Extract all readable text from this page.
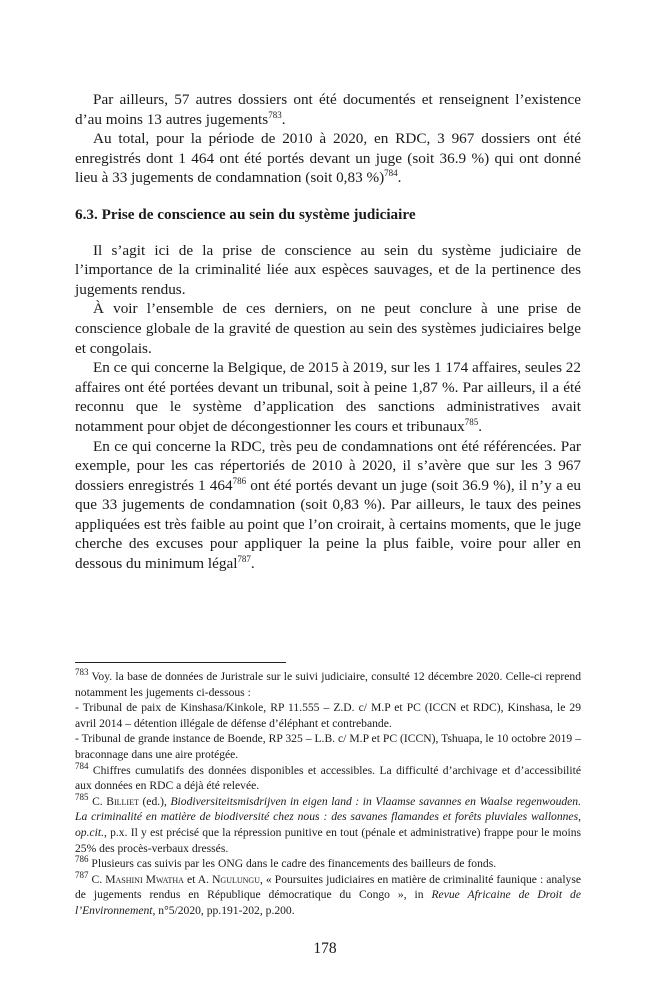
Par ailleurs, 57 autres dossiers ont été documentés et renseignent l’existence d’au moins 13 autres jugements$^{783}$.

Au total, pour la période de 2010 à 2020, en RDC, 3 967 dossiers ont été enregistrés dont 1 464 ont été portés devant un juge (soit 36.9 %) qui ont donné lieu à 33 jugements de condamnation (soit 0,83 %)$^{784}$.

6.3. Prise de conscience au sein du système judiciaire

Il s’agit ici de la prise de conscience au sein du système judiciaire de l’importance de la criminalité liée aux espèces sauvages, et de la pertinence des jugements rendus.

À voir l’ensemble de ces derniers, on ne peut conclure à une prise de conscience globale de la gravité de question au sein des systèmes judiciaires belge et congolais.

En ce qui concerne la Belgique, de 2015 à 2019, sur les 1 174 affaires, seules 22 affaires ont été portées devant un tribunal, soit à peine 1,87 %. Par ailleurs, il a été reconnu que le système d’application des sanctions administratives avait notamment pour objet de décongestionner les cours et tribunaux$^{785}$.

En ce qui concerne la RDC, très peu de condamnations ont été référencées. Par exemple, pour les cas répertoriés de 2010 à 2020, il s’avère que sur les 3 967 dossiers enregistrés 1 $464^{786}$ ont été portés devant un juge (soit 36.9 %), il n’y a eu que 33 jugements de condamnation (soit 0,83 %). Par ailleurs, le taux des peines appliquées est très faible au point que l’on croirait, à certains moments, que le juge cherche des excuses pour appliquer la peine la plus faible, voire pour aller en dessous du minimum légal$^{787}$.

$^{783}$ Voy. la base de données de Juristrale sur le suivi judiciaire, consulté 12 décembre 2020. Celle-ci reprend notamment les jugements ci-dessous :

- Tribunal de paix de Kinshasa/Kinkole, RP 11.555 – Z.D. c/ M.P et PC (ICCN et RDC), Kinshasa, le 29 avril 2014 – détention illégale de défense d’éléphant et contrebande.

- Tribunal de grande instance de Boende, RP 325 – L.B. c/ M.P et PC (ICCN), Tshuapa, le 10 octobre 2019 – braconnage dans une aire protégée.

$^{784}$ Chiffres cumulatifs des données disponibles et accessibles. La difficulté d’archivage et d’accessibilité aux données en RDC a déjà été relevée.

$^{785}$ C. Billiet (ed.), Biodiversiteitsmisdrijven in eigen land : in Vlaamse savannes en Waalse regenwouden. La criminalité en matière de biodiversité chez nous : des savanes flamandes et forêts pluviales wallonnes, op.cit., p.x. Il y est précisé que la répression punitive en tout (pénale et administrative) frappe pour le moins 25% des procès-verbaux dressés.

$^{786}$ Plusieurs cas suivis par les ONG dans le cadre des financements des bailleurs de fonds.

$^{787}$ C. Mashini Mwatha et A. Ngulungu, « Poursuites judiciaires en matière de criminalité faunique : analyse de jugements rendus en République démocratique du Congo », in Revue Africaine de Droit de l’Environnement, n°5/2020, pp.191-202, p.200.

178
